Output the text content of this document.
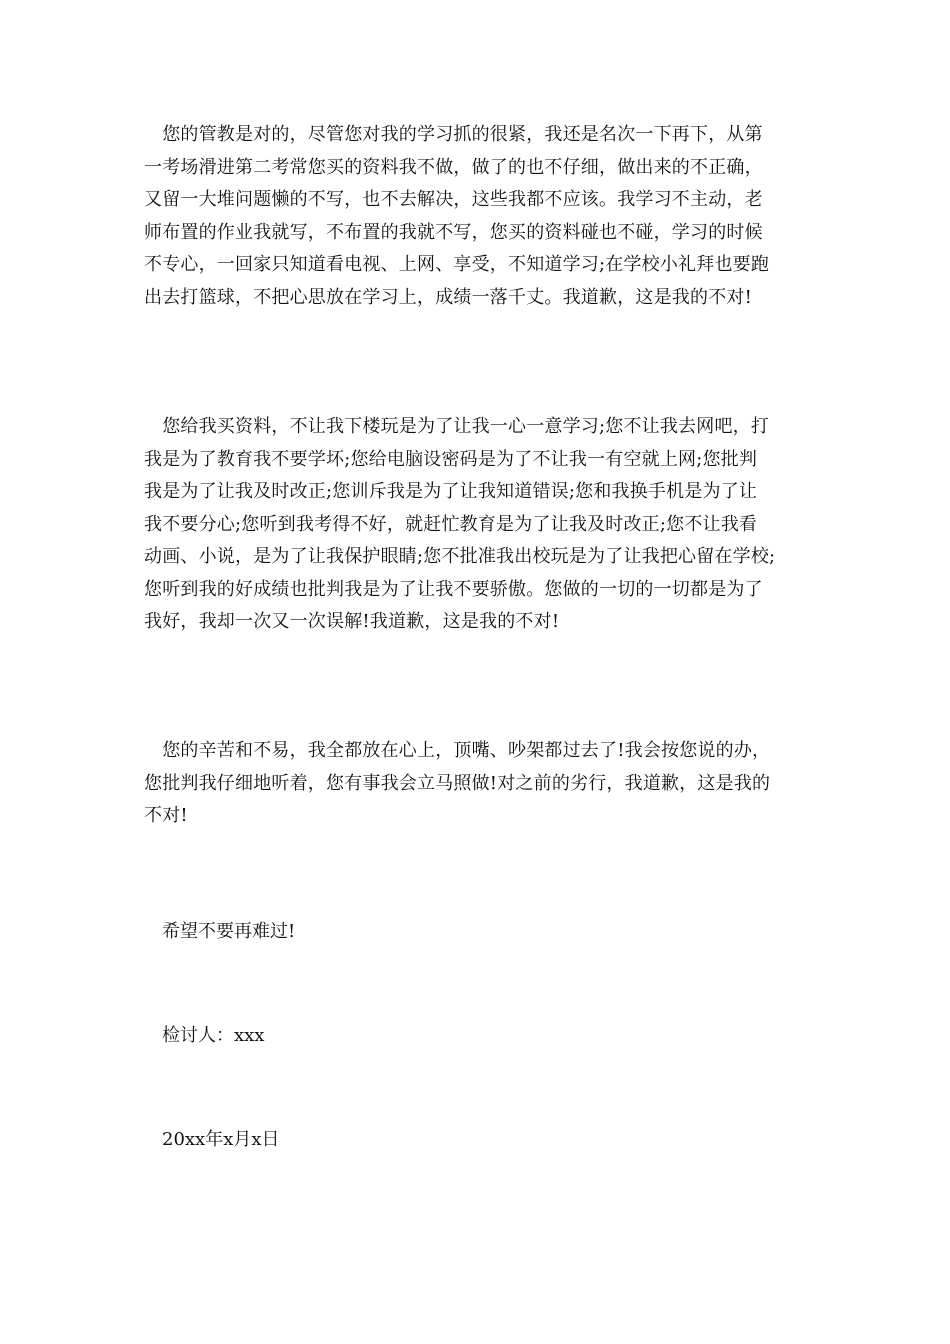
　您的管教是对的，尽管您对我的学习抓的很紧，我还是名次一下再下，从第
一考场滑进第二考常您买的资料我不做，做了的也不仔细，做出来的不正确，
又留一大堆问题懒的不写，也不去解决，这些我都不应该。我学习不主动，老
师布置的作业我就写，不布置的我就不写，您买的资料碰也不碰，学习的时候
不专心，一回家只知道看电视、上网、享受，不知道学习;在学校小礼拜也要跑
出去打篮球，不把心思放在学习上，成绩一落千丈。我道歉，这是我的不对!
　您给我买资料，不让我下楼玩是为了让我一心一意学习;您不让我去网吧，打
我是为了教育我不要学坏;您给电脑设密码是为了不让我一有空就上网;您批判
我是为了让我及时改正;您训斥我是为了让我知道错误;您和我换手机是为了让
我不要分心;您听到我考得不好，就赶忙教育是为了让我及时改正;您不让我看
动画、小说，是为了让我保护眼睛;您不批准我出校玩是为了让我把心留在学校;
您听到我的好成绩也批判我是为了让我不要骄傲。您做的一切的一切都是为了
我好，我却一次又一次误解!我道歉，这是我的不对!
　您的辛苦和不易，我全都放在心上，顶嘴、吵架都过去了!我会按您说的办，
您批判我仔细地听着，您有事我会立马照做!对之前的劣行，我道歉，这是我的
不对!

　希望不要再难过!

　检讨人：xxx

　20xx年x月x日
